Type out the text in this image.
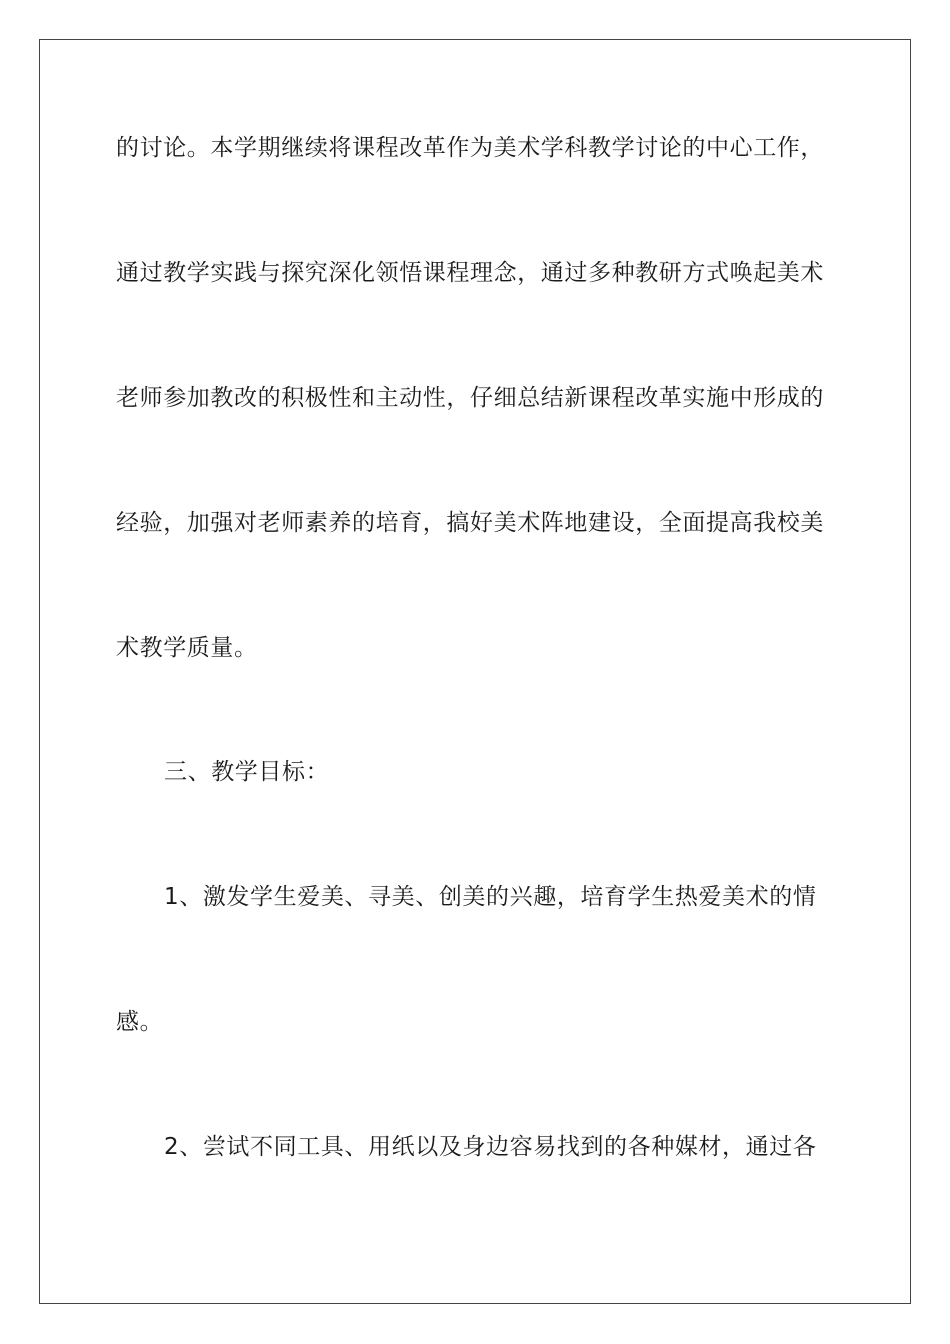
的讨论。本学期继续将课程改革作为美术学科教学讨论的中心工作，
通过教学实践与探究深化领悟课程理念，通过多种教研方式唤起美术
老师参加教改的积极性和主动性，仔细总结新课程改革实施中形成的
经验，加强对老师素养的培育，搞好美术阵地建设，全面提高我校美
术教学质量。
三、教学目标：
1、激发学生爱美、寻美、创美的兴趣，培育学生热爱美术的情
感。
2、尝试不同工具、用纸以及身边容易找到的各种媒材，通过各
